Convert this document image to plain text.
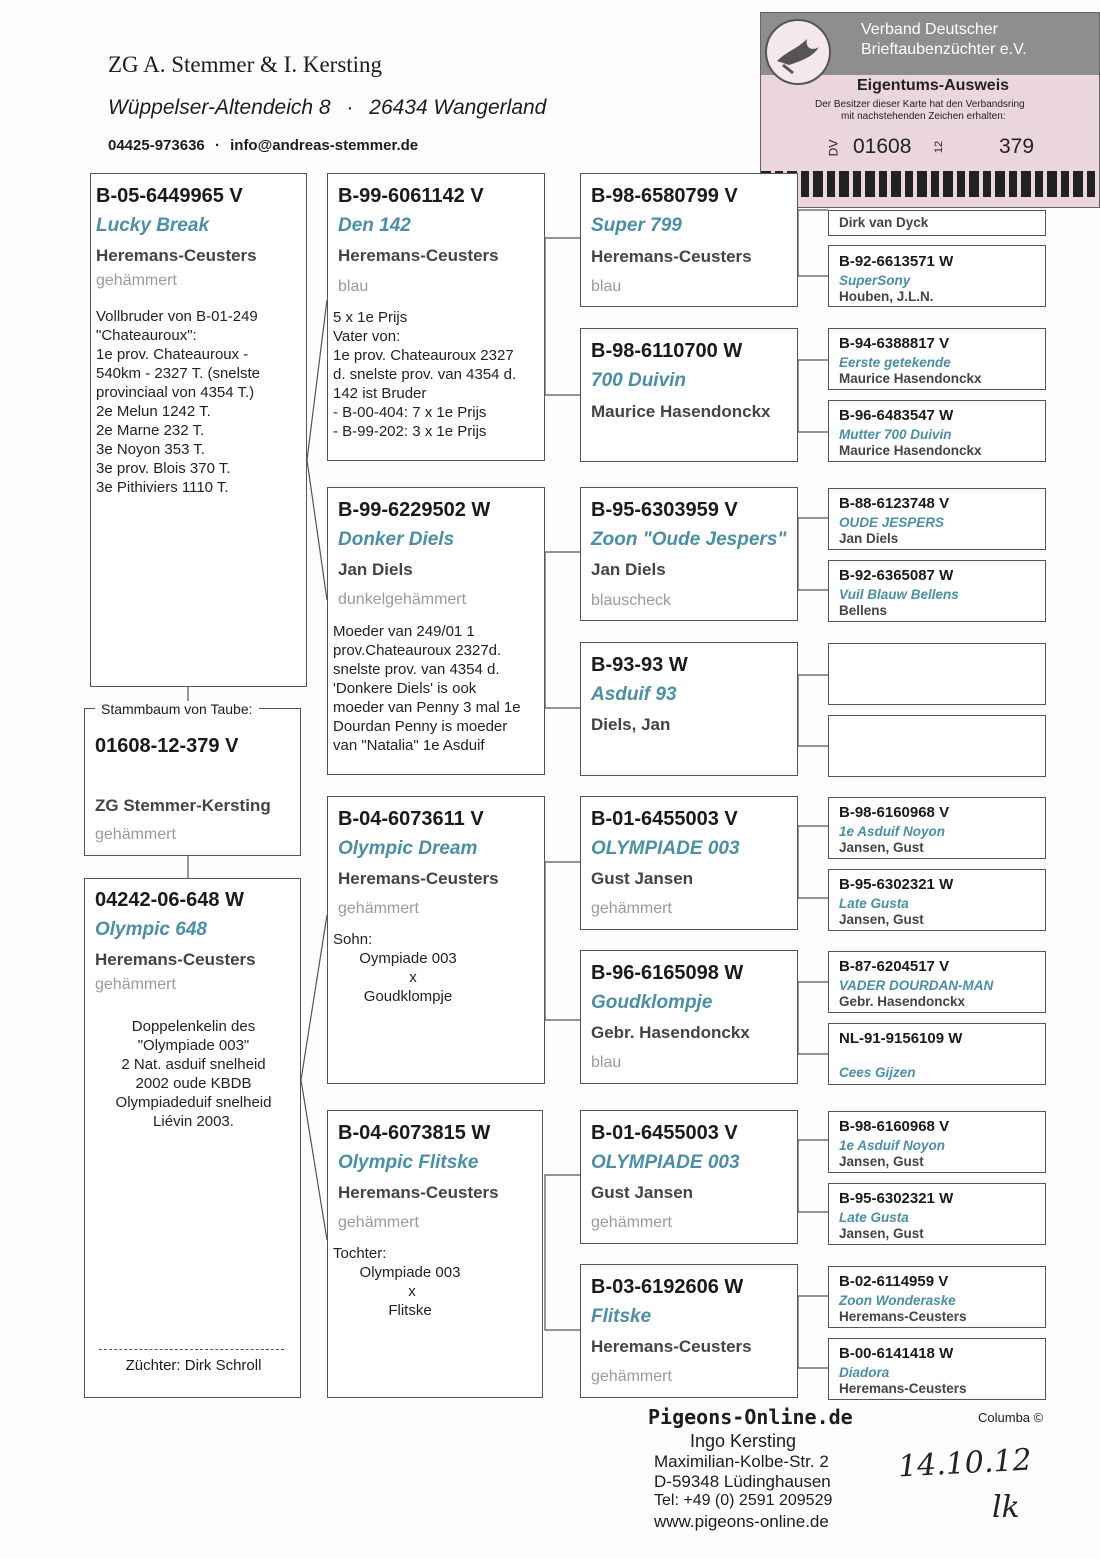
ZG A. Stemmer & I. Kersting
Wüppelser-Altendeich 8 · 26434 Wangerland
04425-973636 · info@andreas-stemmer.de
Verband Deutscher
Brieftaubenzüchter e.V.
Eigentums-Ausweis
Der Besitzer dieser Karte hat den Verbandsring
mit nachstehenden Zeichen erhalten:
DV 01608 12	379
B-05-6449965 V
Lucky Break
Heremans-Ceusters
gehämmert
Vollbruder von B-01-249
"Chateauroux":
1e prov. Chateauroux -
540km - 2327 T. (snelste
provinciaal von 4354 T.)
2e Melun 1242 T.
2e Marne 232 T.
3e Noyon 353 T.
3e prov. Blois 370 T.
3e Pithiviers 1110 T.
Stammbaum von Taube:
01608-12-379 V
ZG Stemmer-Kersting
gehämmert
04242-06-648 W
Olympic 648
Heremans-Ceusters
gehämmert
Doppelenkelin des
"Olympiade 003"
2 Nat. asduif snelheid
2002 oude KBDB
Olympiadeduif snelheid
Liévin 2003.
Züchter: Dirk Schroll
B-99-6061142 V
Den 142
Heremans-Ceusters
blau
5 x 1e Prijs
Vater von:
1e prov. Chateauroux 2327
d. snelste prov. van 4354 d.
142 ist Bruder
- B-00-404: 7 x 1e Prijs
- B-99-202: 3 x 1e Prijs
B-99-6229502 W
Donker Diels
Jan Diels
dunkelgehämmert
Moeder van 249/01 1
prov.Chateauroux 2327d.
snelste prov. van 4354 d.
'Donkere Diels' is ook
moeder van Penny 3 mal 1e
Dourdan Penny is moeder
van "Natalia" 1e Asduif
B-04-6073611 V
Olympic Dream
Heremans-Ceusters
gehämmert
Sohn:
Oympiade 003
x
Goudklompje
B-04-6073815 W
Olympic Flitske
Heremans-Ceusters
gehämmert
Tochter:
Olympiade 003
x
Flitske
B-98-6580799 V
Super 799
Heremans-Ceusters
blau
B-98-6110700 W
700 Duivin
Maurice Hasendonckx
B-95-6303959 V
Zoon "Oude Jespers"
Jan Diels
blauscheck
B-93-93 W
Asduif 93
Diels, Jan
B-01-6455003 V
OLYMPIADE 003
Gust Jansen
gehämmert
B-96-6165098 W
Goudklompje
Gebr. Hasendonckx
blau
B-01-6455003 V
OLYMPIADE 003
Gust Jansen
gehämmert
B-03-6192606 W
Flitske
Heremans-Ceusters
gehämmert
Dirk van Dyck
B-92-6613571 W
SuperSony
Houben, J.L.N.
B-94-6388817 V
Eerste getekende
Maurice Hasendonckx
B-96-6483547 W
Mutter 700 Duivin
Maurice Hasendonckx
B-88-6123748 V
OUDE JESPERS
Jan Diels
B-92-6365087 W
Vuil Blauw Bellens
Bellens
B-98-6160968 V
1e Asduif Noyon
Jansen, Gust
B-95-6302321 W
Late Gusta
Jansen, Gust
B-87-6204517 V
VADER DOURDAN-MAN
Gebr. Hasendonckx
NL-91-9156109 W
Cees Gijzen
B-98-6160968 V
1e Asduif Noyon
Jansen, Gust
B-95-6302321 W
Late Gusta
Jansen, Gust
B-02-6114959 V
Zoon Wonderaske
Heremans-Ceusters
B-00-6141418 W
Diadora
Heremans-Ceusters
Pigeons-Online.de
Ingo Kersting
Maximilian-Kolbe-Str. 2
D-59348 Lüdinghausen
Tel: +49 (0) 2591 209529
www.pigeons-online.de
Columba ©
14.10.12
lk
